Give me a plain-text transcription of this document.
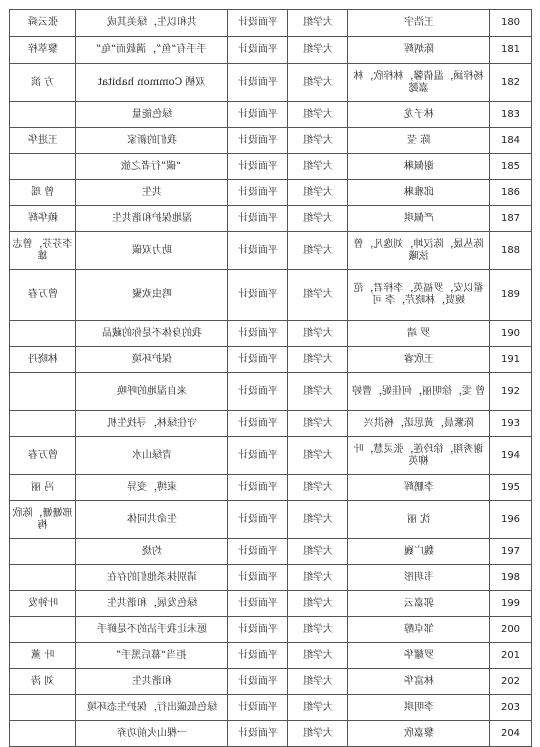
张云舜	共和以生，绿美其成	平面设计	大学组	王浩宇	180
黎萃梓	手手有“鱼”，满载而“龟”	平面设计	大学组	陈炳辉	181
方 滨	双栖 Common habitat	平面设计	大学组	杨梓涵，温倩馨，林梓欣，林嘉懿	182
	绿色能量	平面设计	大学组	林子龙	183
王进华	我们的新家	平面设计	大学组	陈 莹	184
	“碳”行者之旅	平面设计	大学组	谢佩琳	185
曾 瑶	共生	平面设计	大学组	邱雅琳	186
赖华辉	湿地保护和谐共生	平面设计	大学组	严佩琪	187
李芬芬，曾志雄	助力双碳	平面设计	大学组	陈丛晟，陈汉坤，刘逸凡，曾泫曦	188
曾万春	鸣虫欢聚	平面设计	大学组	翟以安，罗福英，李梓君，范婉贤，林晓芹，李 可	189
	我的身体不是你的藏品	平面设计	大学组	罗 靖	190
林晓丹	保护环境	平面设计	大学组	王欣睿	191
	来自湿地的呼唤	平面设计	大学组	曾 雯，徐明丽，何佳妮，曹婷	192
	守住绿林，寻找生机	平面设计	大学组	陈紫晨，黄思诺，杨洪兴	193
曾万春	青绿山水	平面设计	大学组	谢秀翔，徐玲莲，张灵慧，叶柳英	194
冯 丽	束缚，变异	平面设计	大学组	李鹏辉	195
邢姗姗，陈欣梅	生命共同体	平面设计	大学组	沈 丽	196
	灼烧	平面设计	大学组	魏广巍	197
	请别抹杀他们的存在	平面设计	大学组	韦玥彤	198
叶钟发	绿色发展，和谐共生	平面设计	大学组	郭嘉云	199
	愿未让我手沾的不是鲜手	平面设计	大学组	邹卓醇	200
叶 薰	拒当“幕后黑手”	平面设计	大学组	罗耀华	201
刘 涛	和谐共生	平面设计	大学组	林富华	202
	绿色低碳出行，保护生态环境	平面设计	大学组	李明琪	203
	一棵山火前功弃	平面设计	大学组	黎嘉欣	204
